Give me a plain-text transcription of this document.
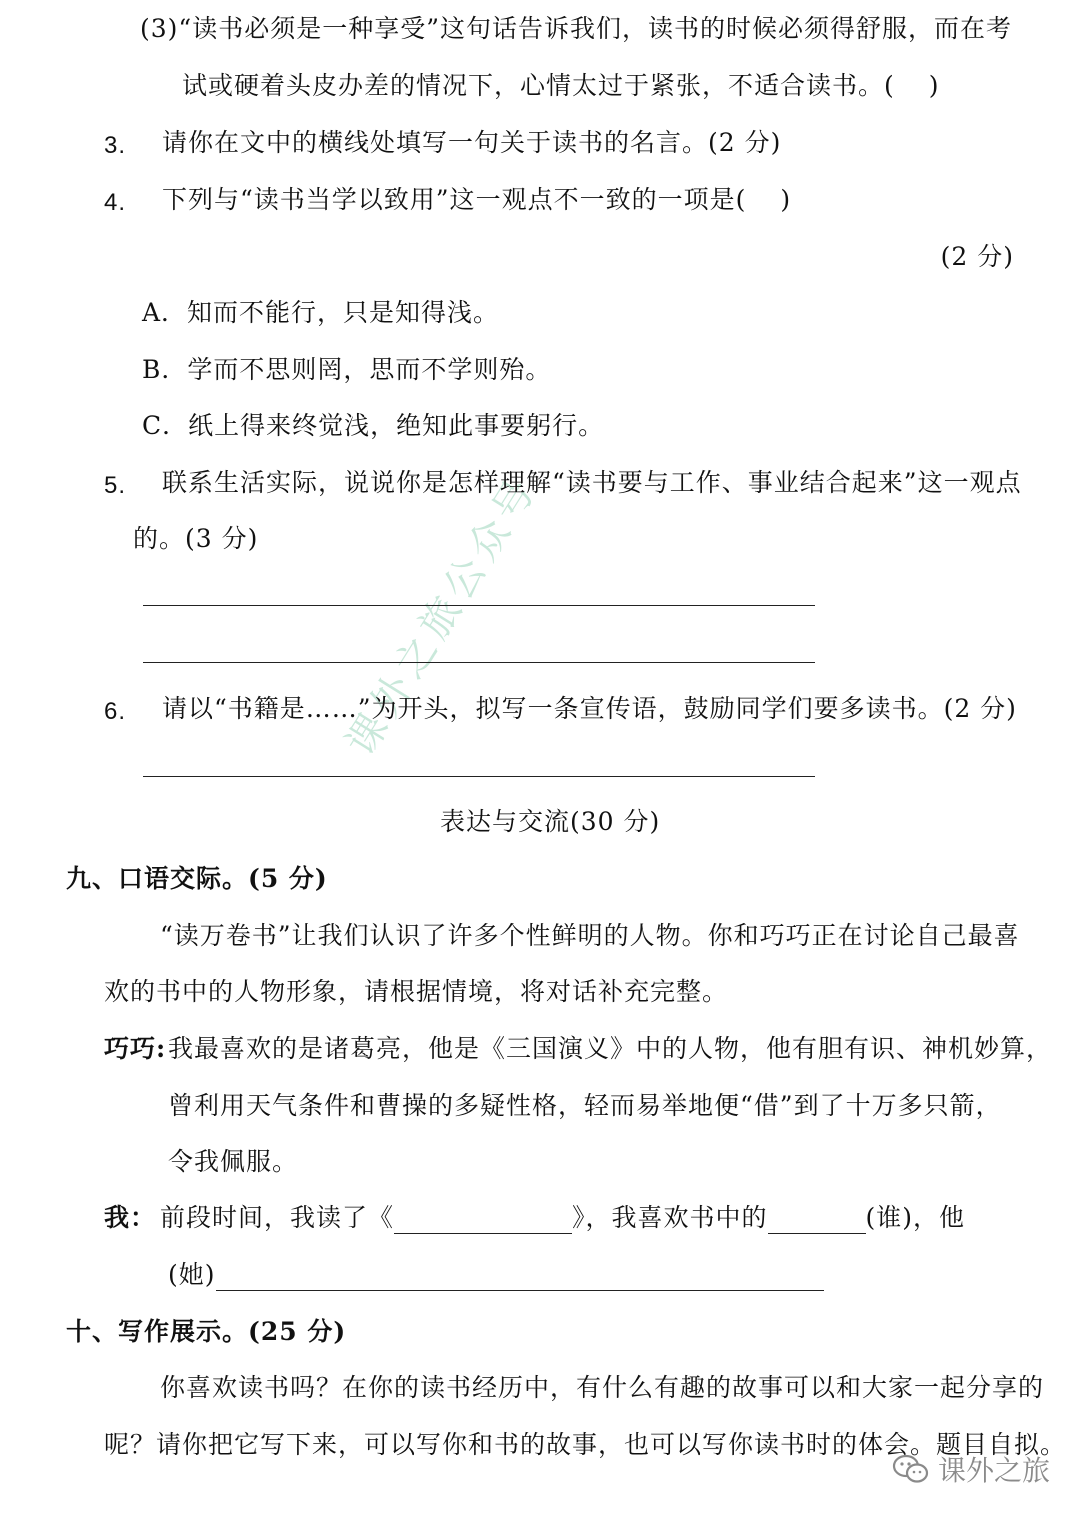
课外之旅公众号
(3)“读书必须是一种享受”这句话告诉我们，读书的时候必须得舒服，而在考
试或硬着头皮办差的情况下，心情太过于紧张，不适合读书。( )
3. 请你在文中的横线处填写一句关于读书的名言。(2 分)
4. 下列与“读书当学以致用”这一观点不一致的一项是( )
(2 分)
A．知而不能行，只是知得浅。
B．学而不思则罔，思而不学则殆。
C．纸上得来终觉浅，绝知此事要躬行。
5. 联系生活实际，说说你是怎样理解“读书要与工作、事业结合起来”这一观点
的。(3 分)
6. 请以“书籍是……”为开头，拟写一条宣传语，鼓励同学们要多读书。(2 分)
表达与交流(30 分)
九、口语交际。(5 分)
“读万卷书”让我们认识了许多个性鲜明的人物。你和巧巧正在讨论自己最喜
欢的书中的人物形象，请根据情境，将对话补充完整。
巧巧: 我最喜欢的是诸葛亮，他是《三国演义》中的人物，他有胆有识、神机妙算，
曾利用天气条件和曹操的多疑性格，轻而易举地便“借”到了十万多只箭，
令我佩服。
我： 前段时间，我读了《	》，我喜欢书中的	(谁)，他
(她)
十、写作展示。(25 分)
你喜欢读书吗？在你的读书经历中，有什么有趣的故事可以和大家一起分享的
呢？请你把它写下来，可以写你和书的故事，也可以写你读书时的体会。题目自拟。
课外之旅
